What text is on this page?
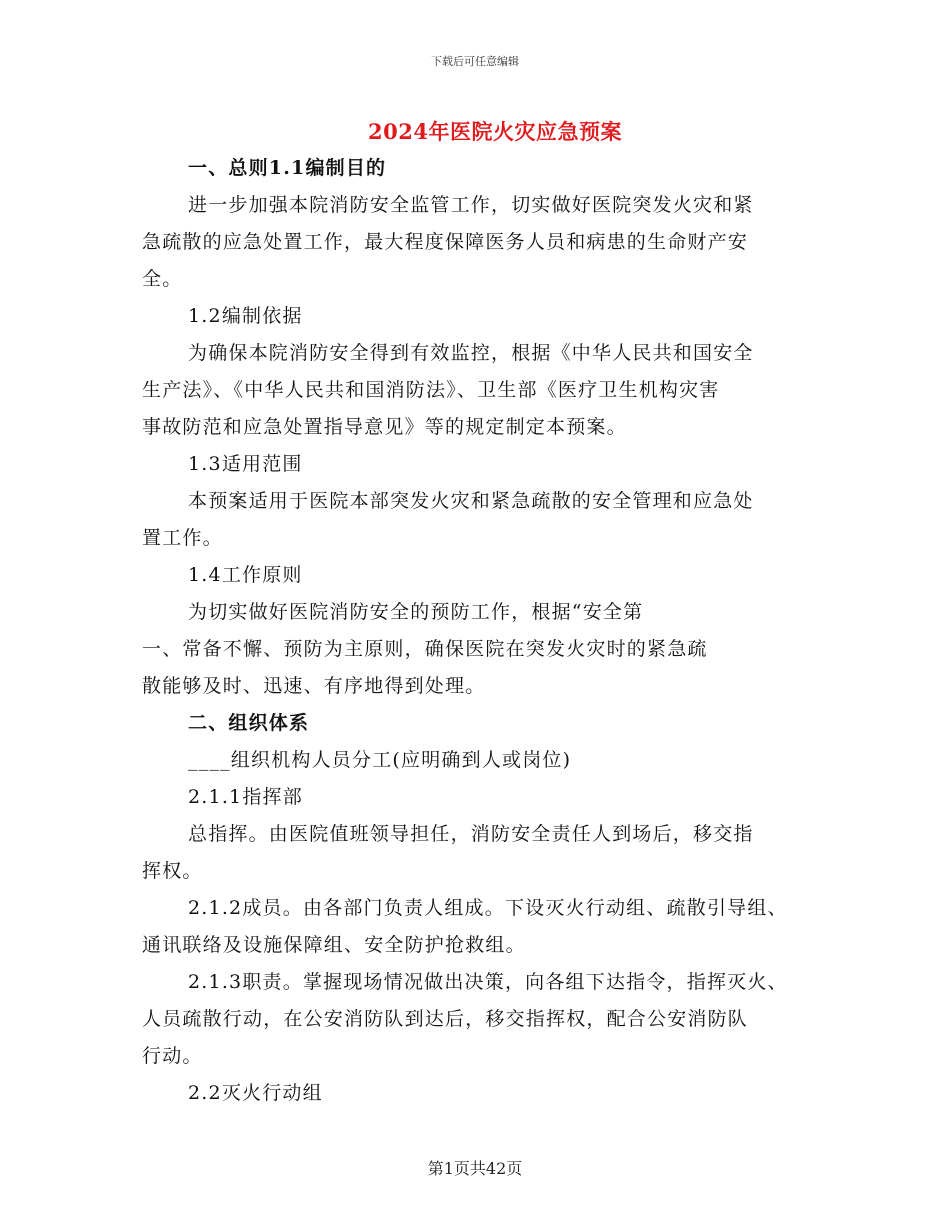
下载后可任意编辑
2024年医院火灾应急预案
一、总则1.1编制目的
进一步加强本院消防安全监管工作，切实做好医院突发火灾和紧
急疏散的应急处置工作，最大程度保障医务人员和病患的生命财产安
全。
1.2编制依据
为确保本院消防安全得到有效监控，根据《中华人民共和国安全
生产法》、《中华人民共和国消防法》、卫生部《医疗卫生机构灾害
事故防范和应急处置指导意见》等的规定制定本预案。
1.3适用范围
本预案适用于医院本部突发火灾和紧急疏散的安全管理和应急处
置工作。
1.4工作原则
为切实做好医院消防安全的预防工作，根据“安全第
一、常备不懈、预防为主原则，确保医院在突发火灾时的紧急疏
散能够及时、迅速、有序地得到处理。
二、组织体系
____组织机构人员分工(应明确到人或岗位)
2.1.1指挥部
总指挥。由医院值班领导担任，消防安全责任人到场后，移交指
挥权。
2.1.2成员。由各部门负责人组成。下设灭火行动组、疏散引导组、
通讯联络及设施保障组、安全防护抢救组。
2.1.3职责。掌握现场情况做出决策，向各组下达指令，指挥灭火、
人员疏散行动，在公安消防队到达后，移交指挥权，配合公安消防队
行动。
2.2灭火行动组
第1页共42页
